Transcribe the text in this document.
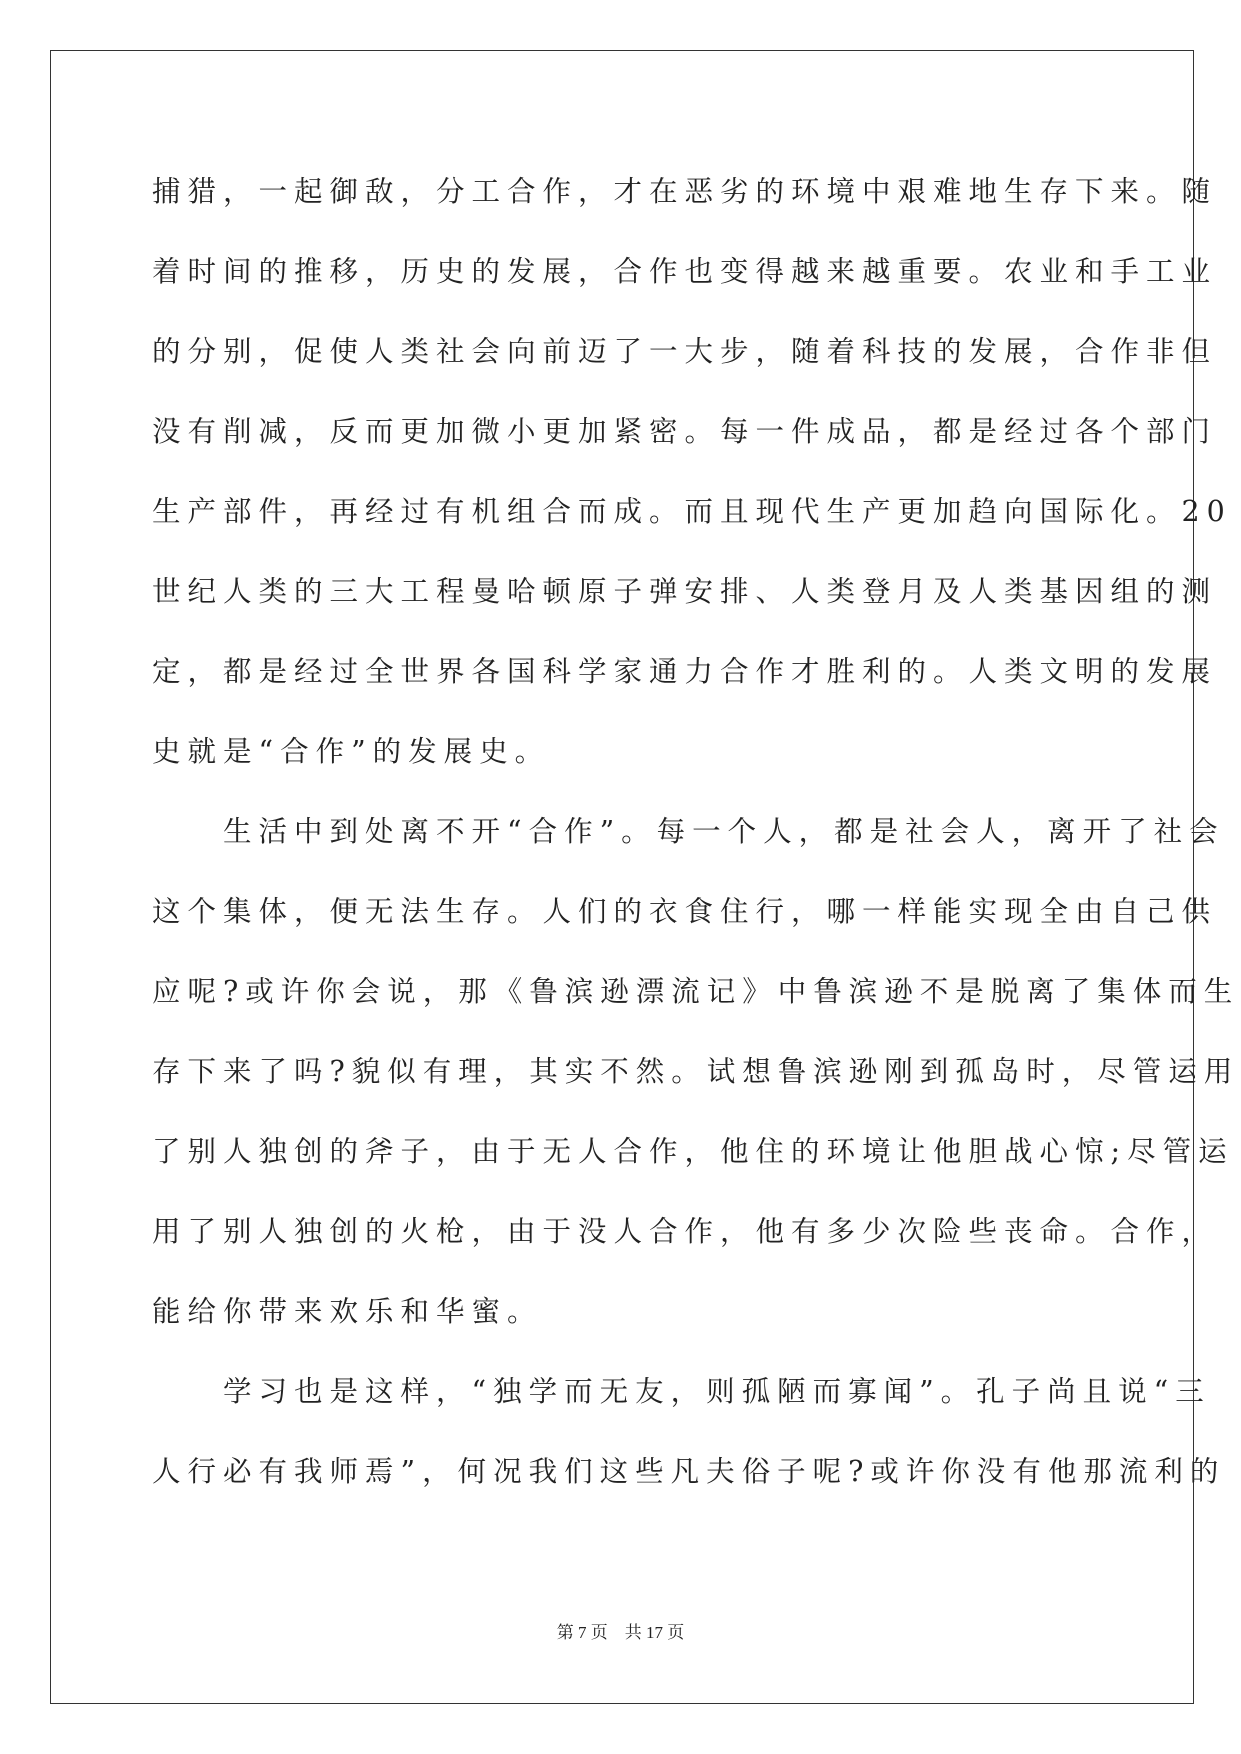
捕猎，一起御敌，分工合作，才在恶劣的环境中艰难地生存下来。随
着时间的推移，历史的发展，合作也变得越来越重要。农业和手工业
的分别，促使人类社会向前迈了一大步，随着科技的发展，合作非但
没有削减，反而更加微小更加紧密。每一件成品，都是经过各个部门
生产部件，再经过有机组合而成。而且现代生产更加趋向国际化。20
世纪人类的三大工程曼哈顿原子弹安排、人类登月及人类基因组的测
定，都是经过全世界各国科学家通力合作才胜利的。人类文明的发展
史就是“合作”的发展史。
　　生活中到处离不开“合作”。每一个人，都是社会人，离开了社会
这个集体，便无法生存。人们的衣食住行，哪一样能实现全由自己供
应呢?或许你会说，那《鲁滨逊漂流记》中鲁滨逊不是脱离了集体而生
存下来了吗?貌似有理，其实不然。试想鲁滨逊刚到孤岛时，尽管运用
了别人独创的斧子，由于无人合作，他住的环境让他胆战心惊;尽管运
用了别人独创的火枪，由于没人合作，他有多少次险些丧命。合作，
能给你带来欢乐和华蜜。
　　学习也是这样，“独学而无友，则孤陋而寡闻”。孔子尚且说“三
人行必有我师焉”，何况我们这些凡夫俗子呢?或许你没有他那流利的
第 7 页　共 17 页
